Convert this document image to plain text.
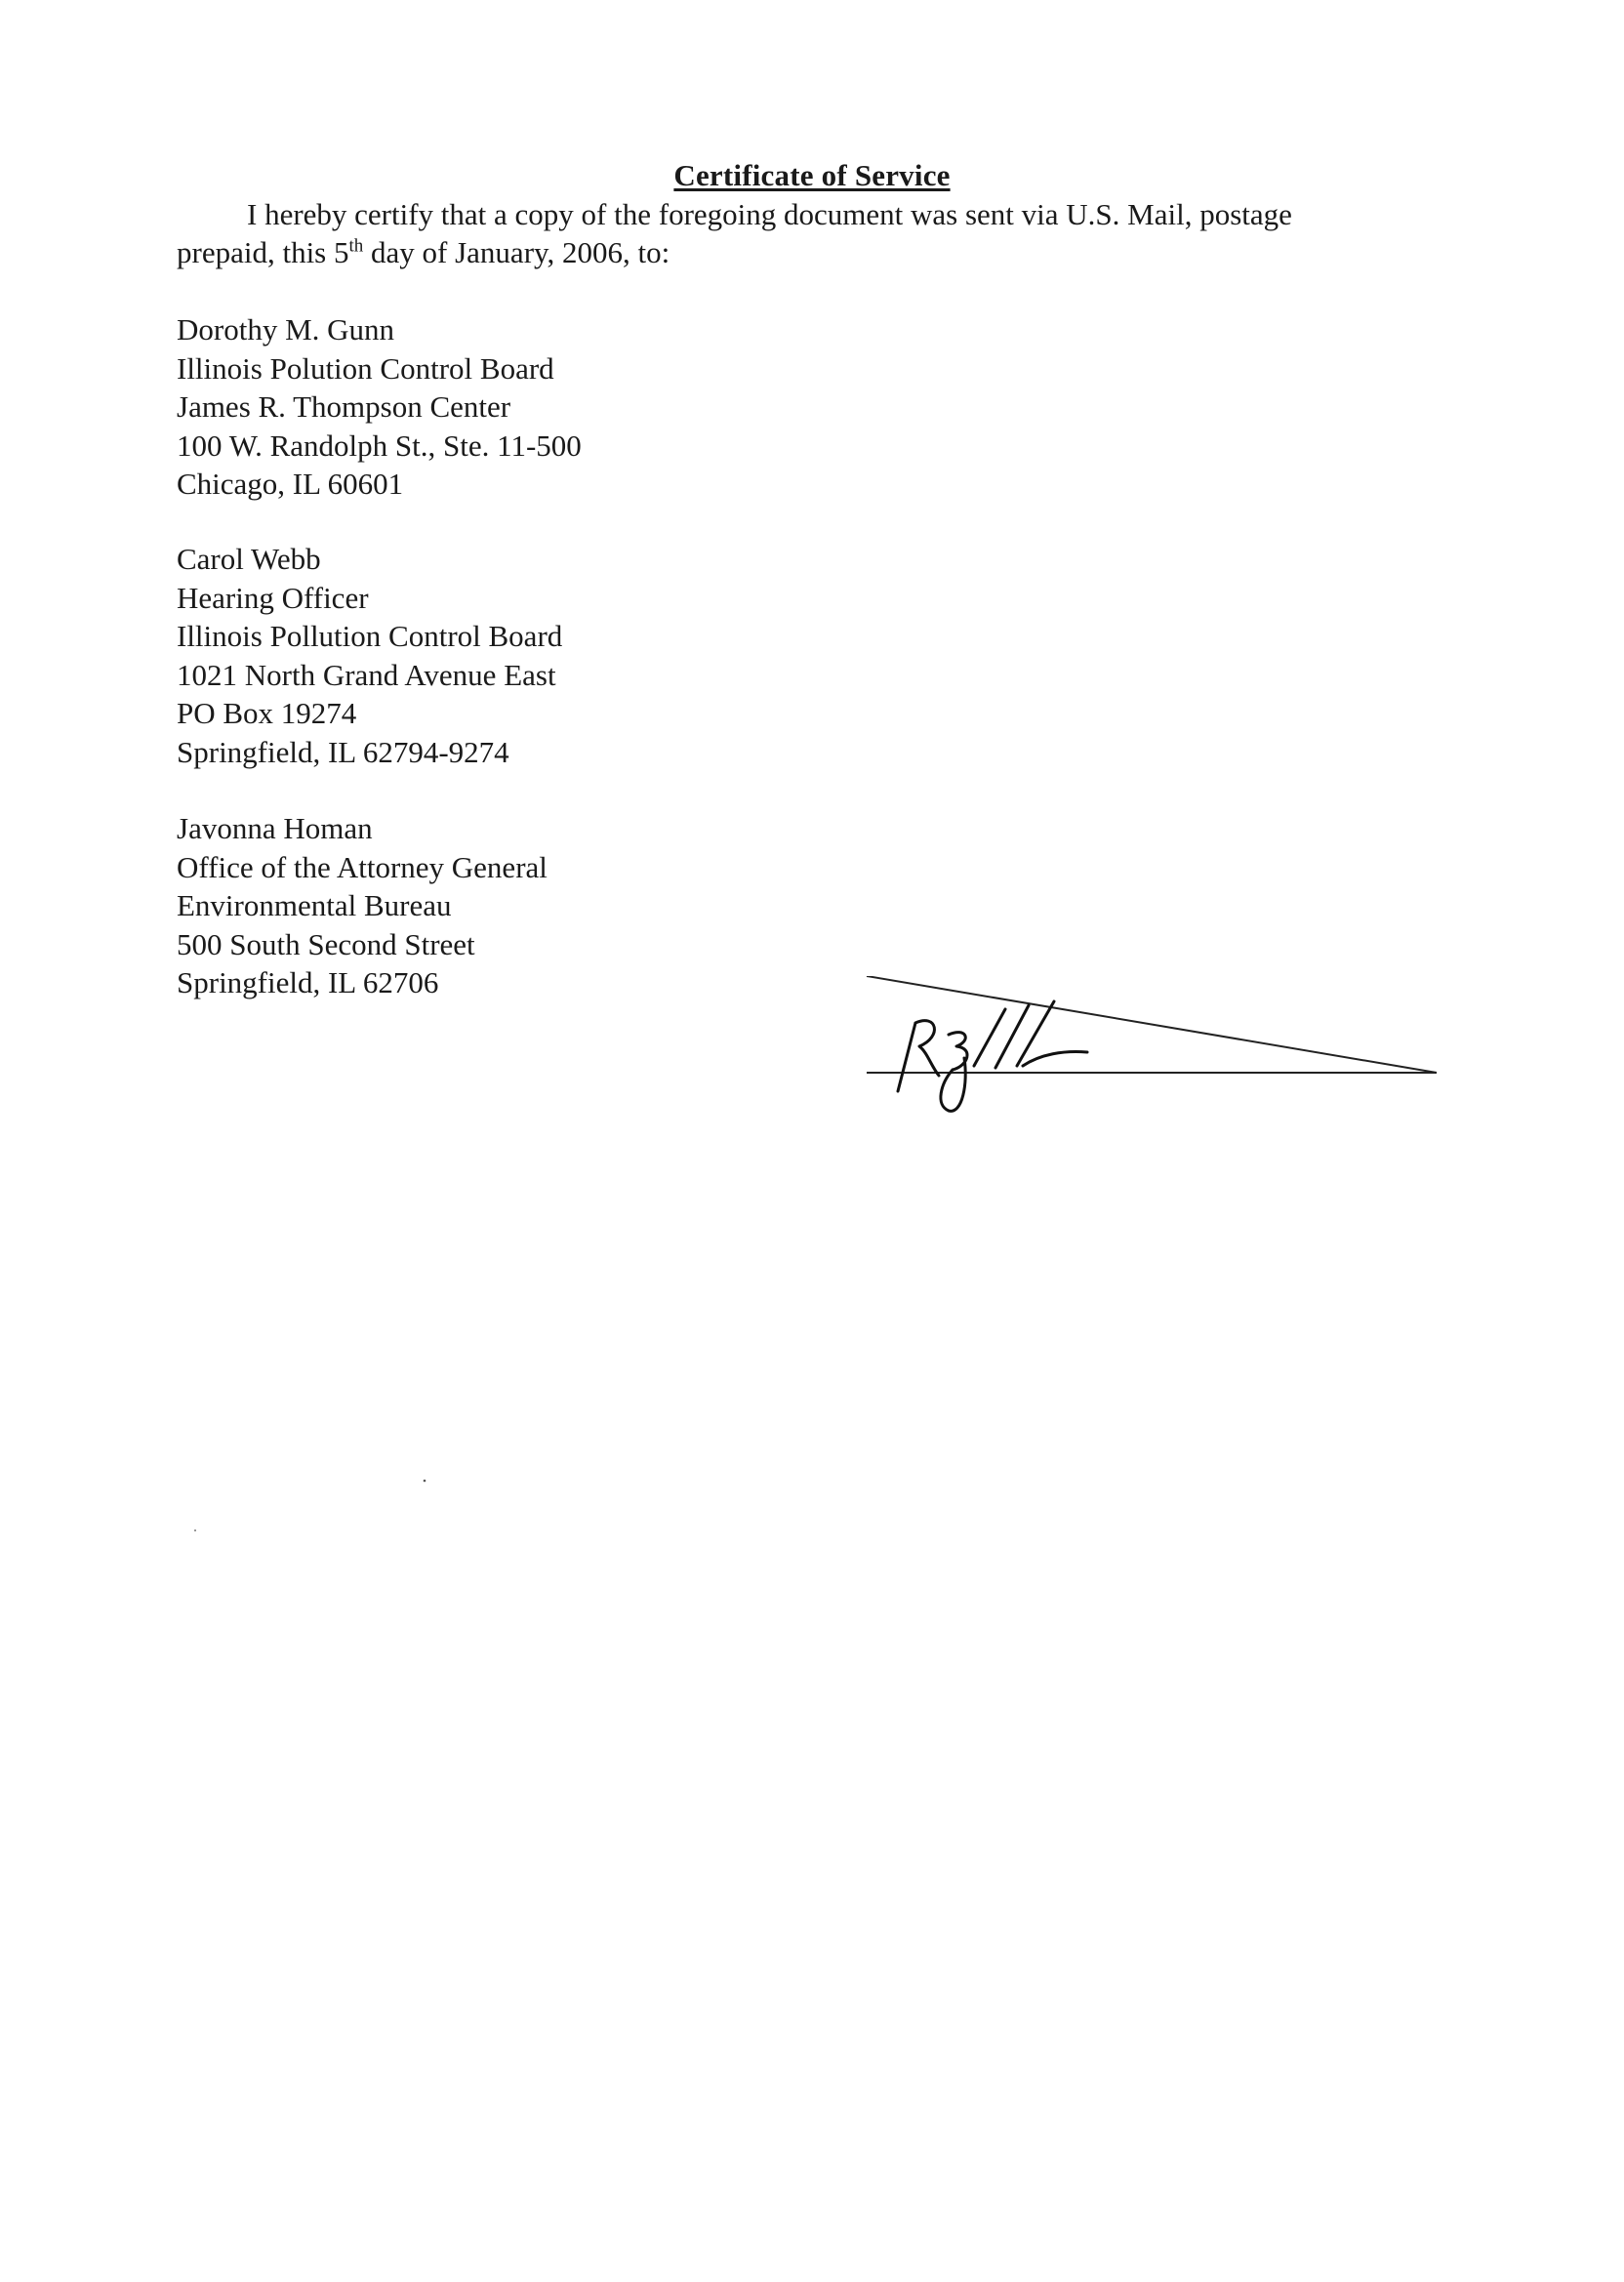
Certificate of Service
I hereby certify that a copy of the foregoing document was sent via U.S. Mail, postage
prepaid, this 5th day of January, 2006, to:
Dorothy M. Gunn
Illinois Polution Control Board
James R. Thompson Center
100 W. Randolph St., Ste. 11-500
Chicago, IL 60601
Carol Webb
Hearing Officer
Illinois Pollution Control Board
1021 North Grand Avenue East
PO Box 19274
Springfield, IL 62794-9274
Javonna Homan
Office of the Attorney General
Environmental Bureau
500 South Second Street
Springfield, IL 62706
